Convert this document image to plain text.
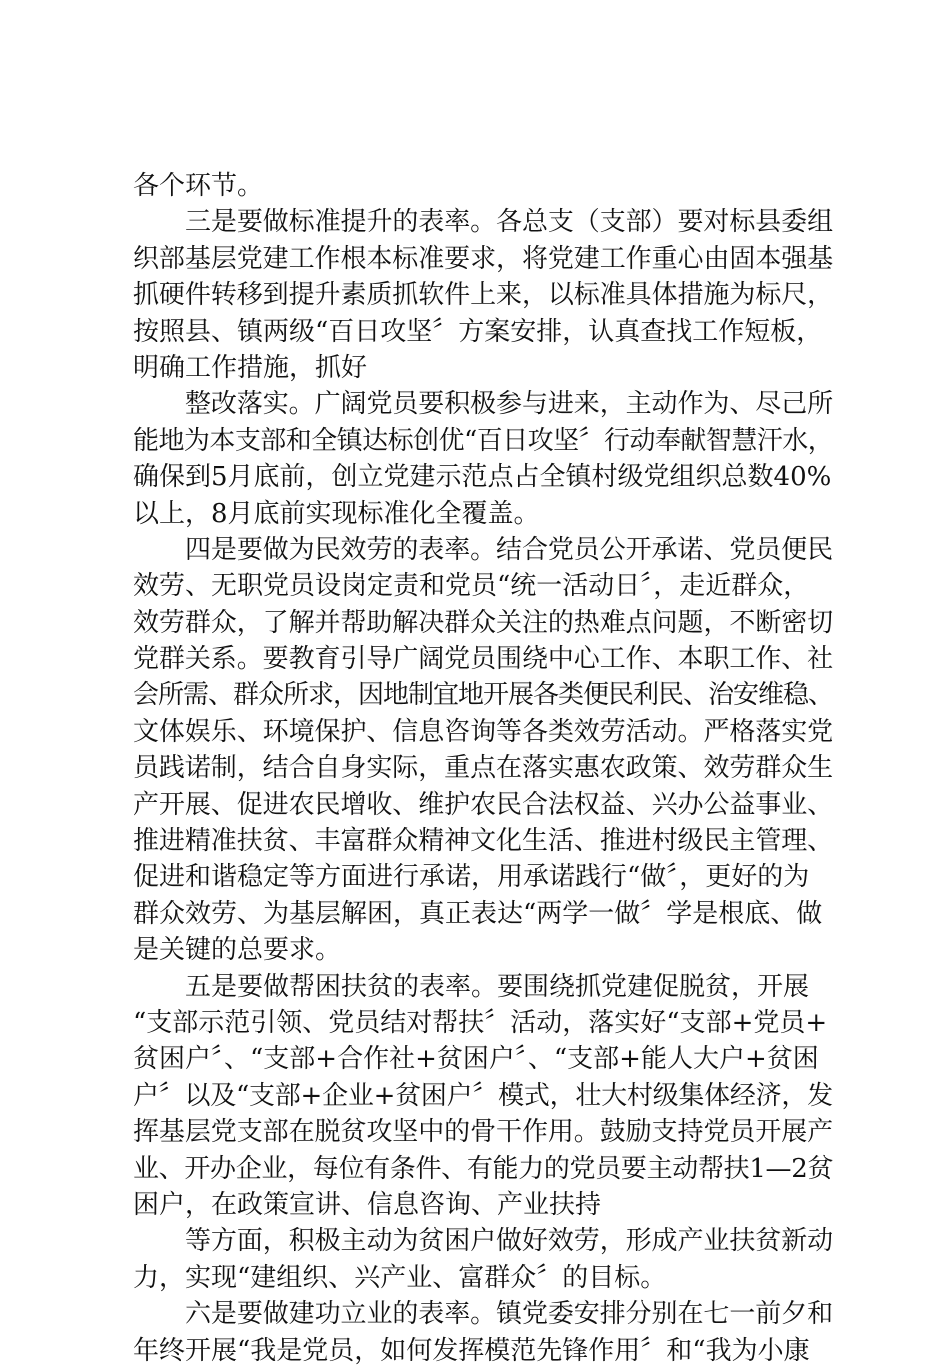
各个环节。
三是要做标准提升的表率。各总支（支部）要对标县委组
织部基层党建工作根本标准要求，将党建工作重心由固本强基
抓硬件转移到提升素质抓软件上来，以标准具体措施为标尺，
按照县、镇两级“百日攻坚〞方案安排，认真查找工作短板，
明确工作措施，抓好
整改落实。广阔党员要积极参与进来，主动作为、尽己所
能地为本支部和全镇达标创优“百日攻坚〞行动奉献智慧汗水，
确保到5月底前，创立党建示范点占全镇村级党组织总数40%
以上，8月底前实现标准化全覆盖。
四是要做为民效劳的表率。结合党员公开承诺、党员便民
效劳、无职党员设岗定责和党员“统一活动日〞，走近群众，
效劳群众，了解并帮助解决群众关注的热难点问题，不断密切
党群关系。要教育引导广阔党员围绕中心工作、本职工作、社
会所需、群众所求，因地制宜地开展各类便民利民、治安维稳、
文体娱乐、环境保护、信息咨询等各类效劳活动。严格落实党
员践诺制，结合自身实际，重点在落实惠农政策、效劳群众生
产开展、促进农民增收、维护农民合法权益、兴办公益事业、
推进精准扶贫、丰富群众精神文化生活、推进村级民主管理、
促进和谐稳定等方面进行承诺，用承诺践行“做〞，更好的为
群众效劳、为基层解困，真正表达“两学一做〞学是根底、做
是关键的总要求。
五是要做帮困扶贫的表率。要围绕抓党建促脱贫，开展
“支部示范引领、党员结对帮扶〞活动，落实好“支部+党员+
贫困户〞、“支部+合作社+贫困户〞、“支部+能人大户+贫困
户〞以及“支部+企业+贫困户〞模式，壮大村级集体经济，发
挥基层党支部在脱贫攻坚中的骨干作用。鼓励支持党员开展产
业、开办企业，每位有条件、有能力的党员要主动帮扶1—2贫
困户，在政策宣讲、信息咨询、产业扶持
等方面，积极主动为贫困户做好效劳，形成产业扶贫新动
力，实现“建组织、兴产业、富群众〞的目标。
六是要做建功立业的表率。镇党委安排分别在七一前夕和
年终开展“我是党员，如何发挥模范先锋作用〞和“我为小康
